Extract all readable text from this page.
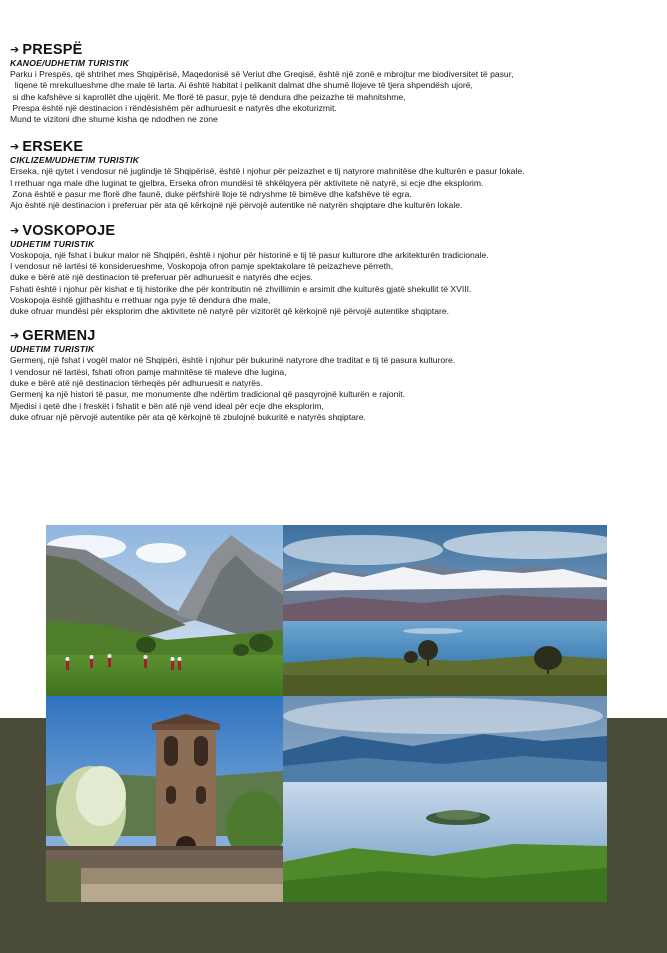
➔ PRESPË
KANOE/UDHETIM TURISTIK
Parku i Prespës, që shtrihet mes Shqipërisë, Maqedonisë së Veriut dhe Greqisë, është një zonë e mbrojtur me biodiversitet të pasur,
liqene të mrekullueshme dhe male të larta. Ai është habitat i pelikanit dalmat dhe shumë llojeve të tjera shpendësh ujorë,
si dhe kafshëve si kaprollët dhe ujqërit. Me florë të pasur, pyje të dendura dhe peizazhe të mahnitshme,
Prespa është një destinacion i rëndësishëm për adhuruesit e natyrës dhe ekoturizmit.
Mund te vizitoni dhe shume kisha qe ndodhen ne zone
➔ ERSEKE
CIKLIZEM/UDHETIM TURISTIK
Erseka, një qytet i vendosur në juglindje të Shqipërisë, është i njohur për peizazhet e tij natyrore mahnitëse dhe kulturën e pasur lokale.
I rrethuar nga male dhe luginat te gjelbra, Erseka ofron mundësi të shkëlqyera për aktivitete në natyrë, si ecje dhe eksplorim.
Zona është e pasur me florë dhe faunë, duke përfshirë lloje të ndryshme të bimëve dhe kafshëve të egra.
Ajo është një destinacion i preferuar për ata që kërkojnë një përvojë autentike në natyrën shqiptare dhe kulturën lokale.
➔ VOSKOPOJE
UDHETIM TURISTIK
Voskopoja, një fshat i bukur malor në Shqipëri, është i njohur për historinë e tij të pasur kulturore dhe arkitekturën tradicionale.
I vendosur në lartësi të konsiderueshme, Voskopoja ofron pamje spektakolare të peizazheve përreth,
duke e bërë atë një destinacion të preferuar për adhuruesit e natyrës dhe ecjes.
Fshati është i njohur për kishat e tij historike dhe për kontributin në zhvillimin e arsimit dhe kulturës gjatë shekullit të XVIII.
Voskopoja është gjithashtu e rrethuar nga pyje të dendura dhe male,
duke ofruar mundësi për eksplorim dhe aktivitete në natyrë për vizitorët që kërkojnë një përvojë autentike shqiptare.
➔ GERMENJ
UDHETIM TURISTIK
Germenj, një fshat i vogël malor në Shqipëri, është i njohur për bukurinë natyrore dhe traditat e tij të pasura kulturore.
I vendosur në lartësi, fshati ofron pamje mahnitëse të maleve dhe lugina,
duke e bërë atë një destinacion tërheqës për adhuruesit e natyrës.
Germenj ka një histori të pasur, me monumente dhe ndërtim tradicional që pasqyrojnë kulturën e rajonit.
Mjedisi i qetë dhe i freskët i fshatit e bën atë një vend ideal për ecje dhe eksplorim,
duke ofruar një përvojë autentike për ata që kërkojnë të zbulojnë bukuritë e natyrës shqiptare.
